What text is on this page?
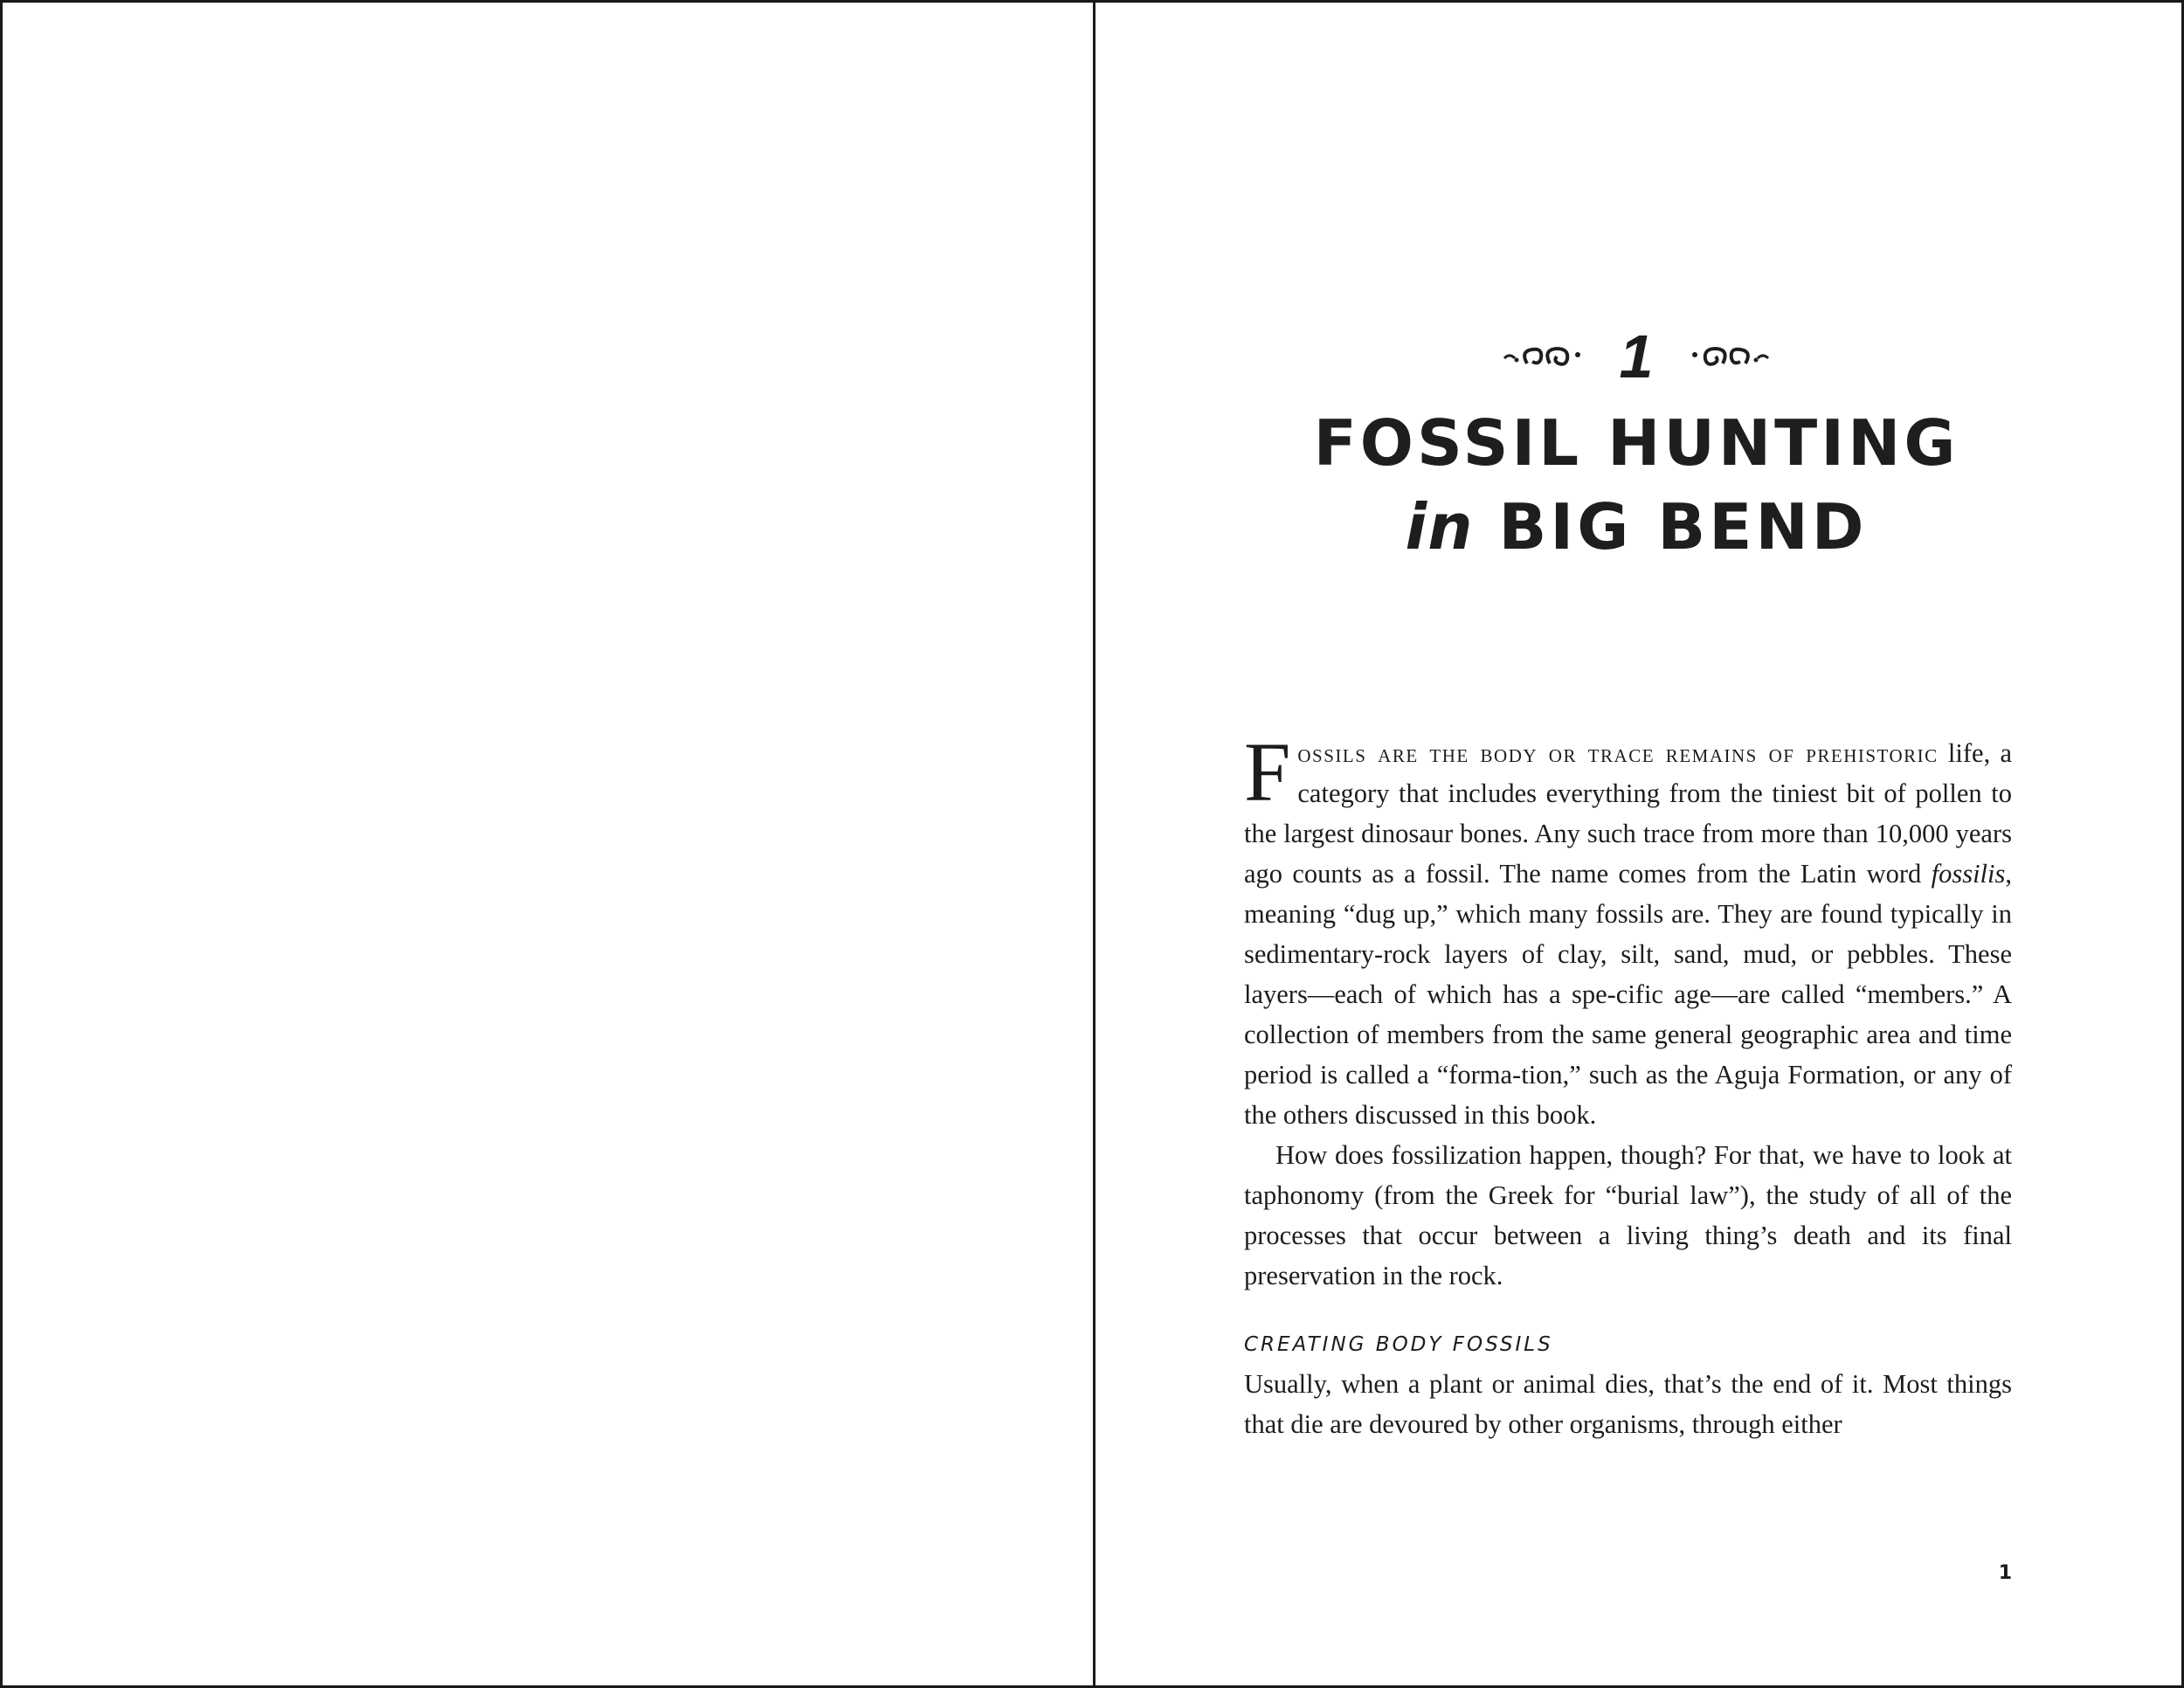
1
FOSSIL HUNTING
in BIG BEND

Fossils are the body or trace remains of prehistoric life, a category that includes everything from the tiniest bit of pollen to the largest dinosaur bones. Any such trace from more than 10,000 years ago counts as a fossil. The name comes from the Latin word fossilis, meaning “dug up,” which many fossils are. They are found typically in sedimentary-rock layers of clay, silt, sand, mud, or pebbles. These layers—each of which has a spe-cific age—are called “members.” A collection of members from the same general geographic area and time period is called a “forma-tion,” such as the Aguja Formation, or any of the others discussed in this book.

How does fossilization happen, though? For that, we have to look at taphonomy (from the Greek for “burial law”), the study of all of the processes that occur between a living thing’s death and its final preservation in the rock.

CREATING BODY FOSSILS

Usually, when a plant or animal dies, that’s the end of it. Most things that die are devoured by other organisms, through either

1
